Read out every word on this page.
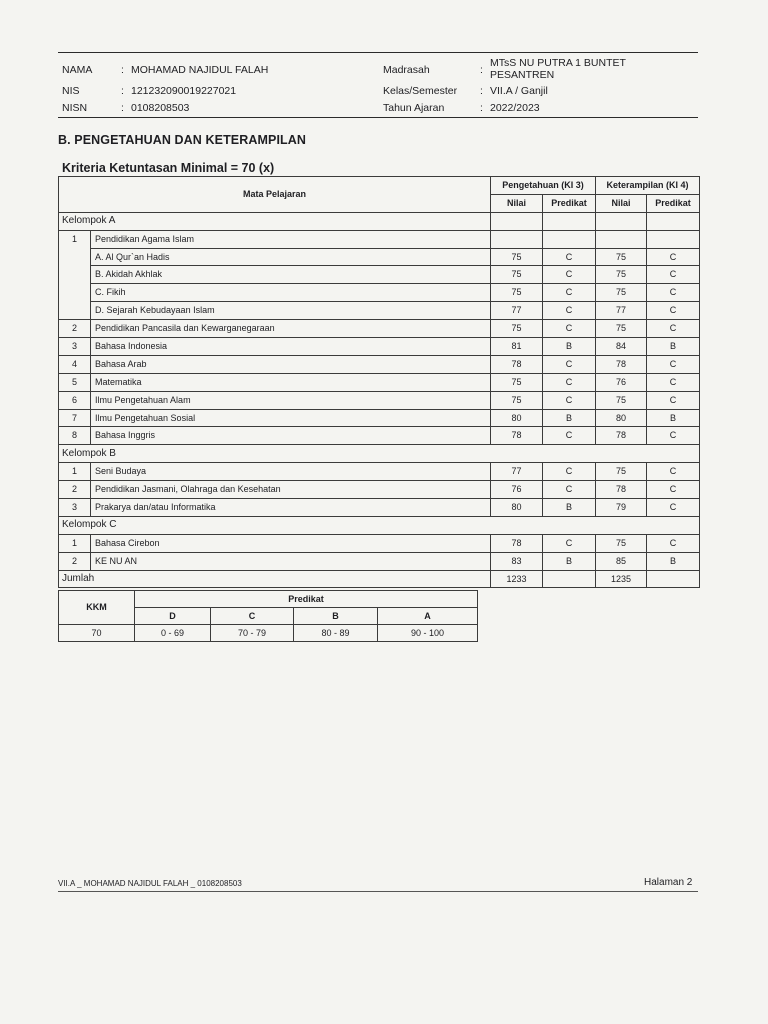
NAMA	: MOHAMAD NAJIDUL FALAH	Madrasah	:
MTsS NU PUTRA 1 BUNTET
PESANTREN
NIS	: 121232090019227021	Kelas/Semester : VII.A / Ganjil
NISN	: 0108208503	Tahun Ajaran	: 2022/2023
B. PENGETAHUAN DAN KETERAMPILAN
Kriteria Ketuntasan Minimal = 70 (x)
Mata Pelajaran		Pengetahuan (KI 3)		Keterampilan (KI 4)	
		Nilai	Predikat	Nilai	Predikat
Kelompok A					
1	Pendidikan Agama Islam				
	A. Al Qur`an Hadis	75	C	75	C
	B. Akidah Akhlak	75	C	75	C
	C. Fikih	75	C	75	C
	D. Sejarah Kebudayaan Islam	77	C	77	C
2	Pendidikan Pancasila dan Kewarganegaraan	75	C	75	C
3	Bahasa Indonesia	81	B	84	B
4	Bahasa Arab	78	C	78	C
5	Matematika	75	C	76	C
6	Ilmu Pengetahuan Alam	75	C	75	C
7	Ilmu Pengetahuan Sosial	80	B	80	B
8	Bahasa Inggris	78	C	78	C
Kelompok B					
1	Seni Budaya	77	C	75	C
2	Pendidikan Jasmani, Olahraga dan Kesehatan	76	C	78	C
3	Prakarya dan/atau Informatika	80	B	79	C
Kelompok C					
1	Bahasa Cirebon	78	C	75	C
2	KE NU AN	83	B	85	B
Jumlah		1233		1235	
KKM	Predikat			
	D	C	B	A
70	0 - 69	70 - 79	80 - 89	90 - 100
VII.A _ MOHAMAD NAJIDUL FALAH _ 0108208503	Halaman 2
